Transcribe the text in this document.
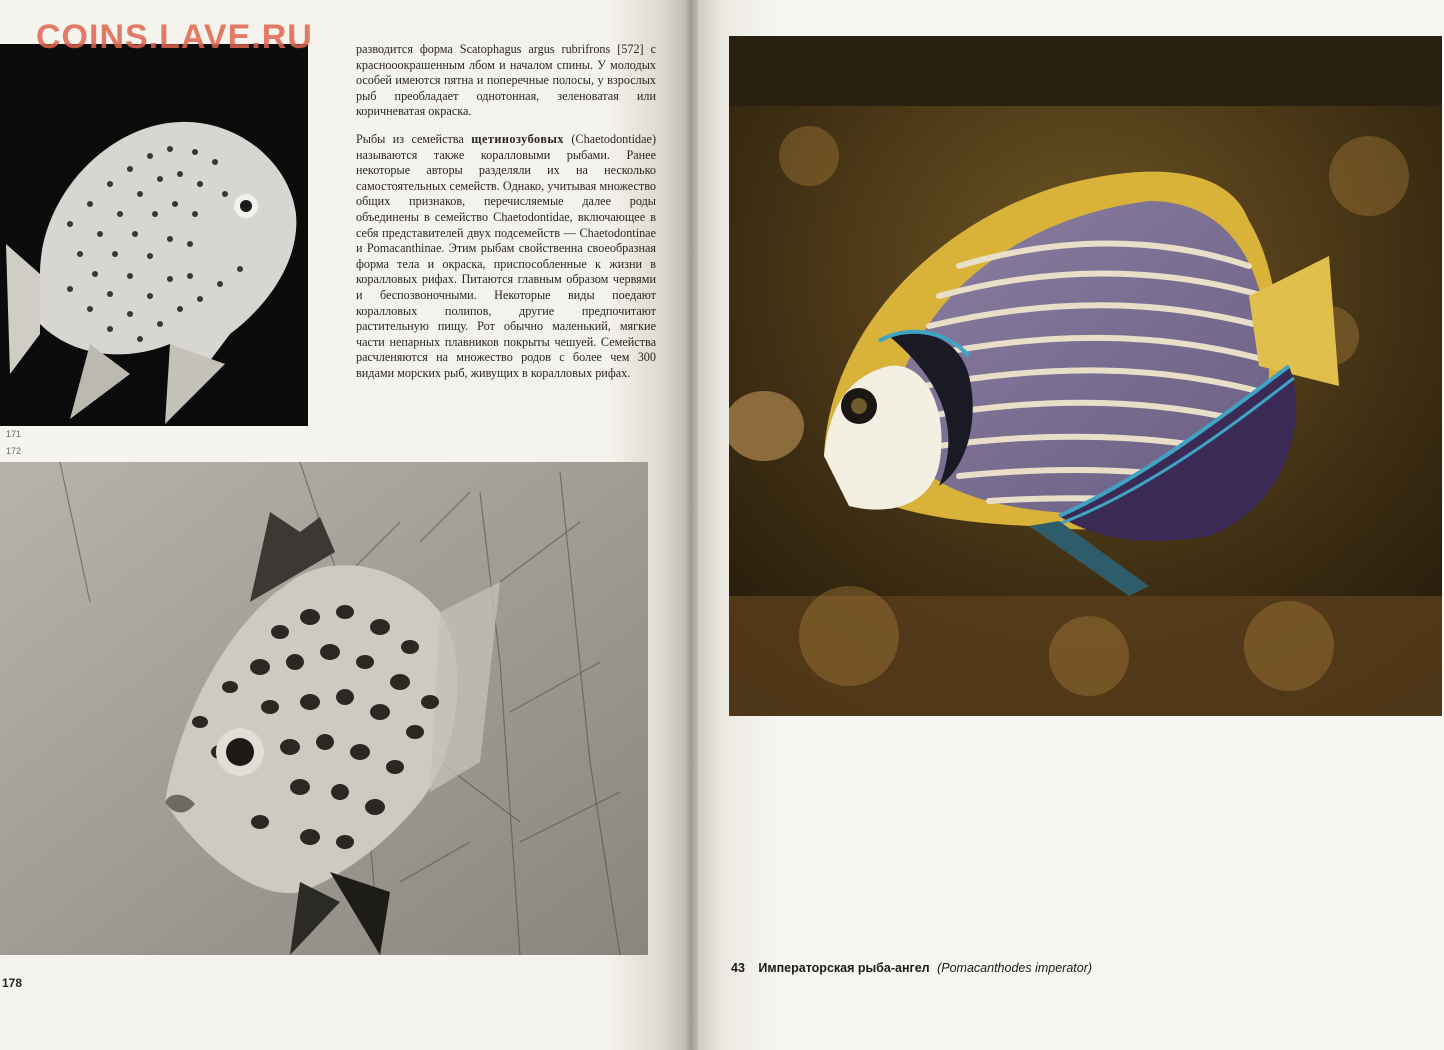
171
172

разводится форма Scatophagus argus rubrifrons [572] с краснооокрашенным лбом и началом спины. У молодых особей имеются пятна и поперечные полосы, у взрослых рыб преобладает однотонная, зеленоватая или коричневатая окраска.

Рыбы из семейства щетинозубовых (Chaetodontidae) называются также коралловыми рыбами. Ранее некоторые авторы разделяли их на несколько самостоятельных семейств. Однако, учитывая множество общих признаков, перечисляемые далее роды объединены в семейство Chaetodontidae, включающее в себя представителей двух подсемейств — Chaetodontinae и Pomacanthinae. Этим рыбам свойственна своеобразная форма тела и окраска, приспособленные к жизни в коралловых рифах. Питаются главным образом червями и беспозвоночными. Некоторые виды поедают коралловых полипов, другие предпочитают растительную пищу. Рот обычно маленький, мягкие части непарных плавников покрыты чешуей. Семейства расчленяются на множество родов с более чем 300 видами морских рыб, живущих в коралловых рифах.

178
43 Императорская рыба-ангел (Pomacanthodes imperator)
COINS.LAVE.RU
